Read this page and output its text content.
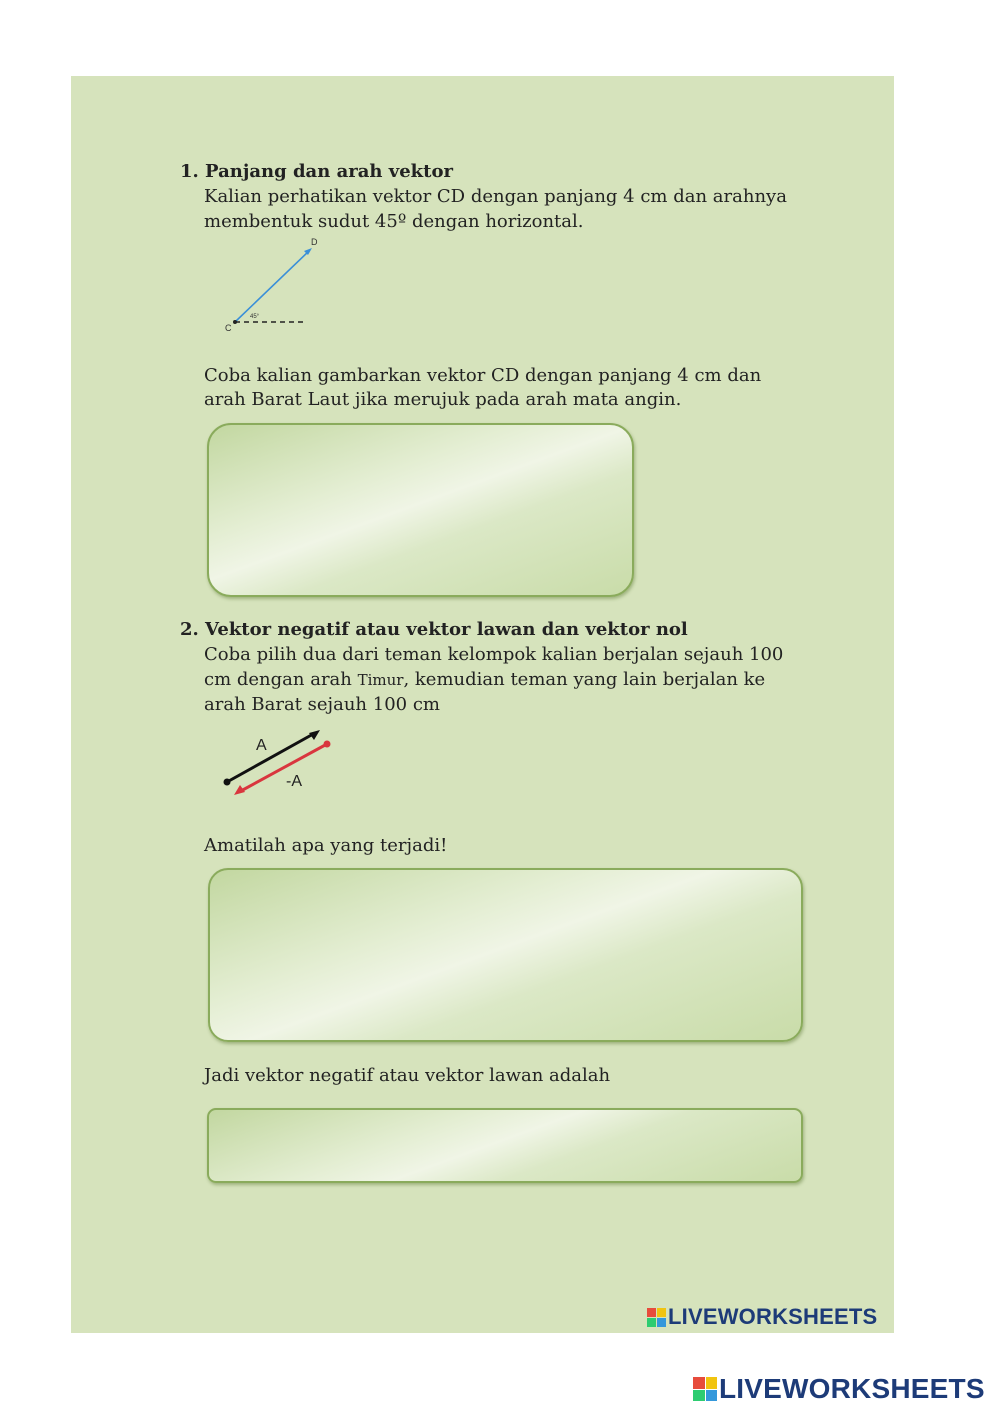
1. Panjang dan arah vektor
Kalian perhatikan vektor CD dengan panjang 4 cm dan arahnya
membentuk sudut 45º dengan horizontal.
C
D
45°
Coba kalian gambarkan vektor CD dengan panjang 4 cm dan
arah Barat Laut jika merujuk pada arah mata angin.
2. Vektor negatif atau vektor lawan dan vektor nol
Coba pilih dua dari teman kelompok kalian berjalan sejauh 100
cm dengan arah Timur, kemudian teman yang lain berjalan ke
arah Barat sejauh 100 cm
A
-A
Amatilah apa yang terjadi!
Jadi vektor negatif atau vektor lawan adalah
LIVEWORKSHEETS
LIVEWORKSHEETS
